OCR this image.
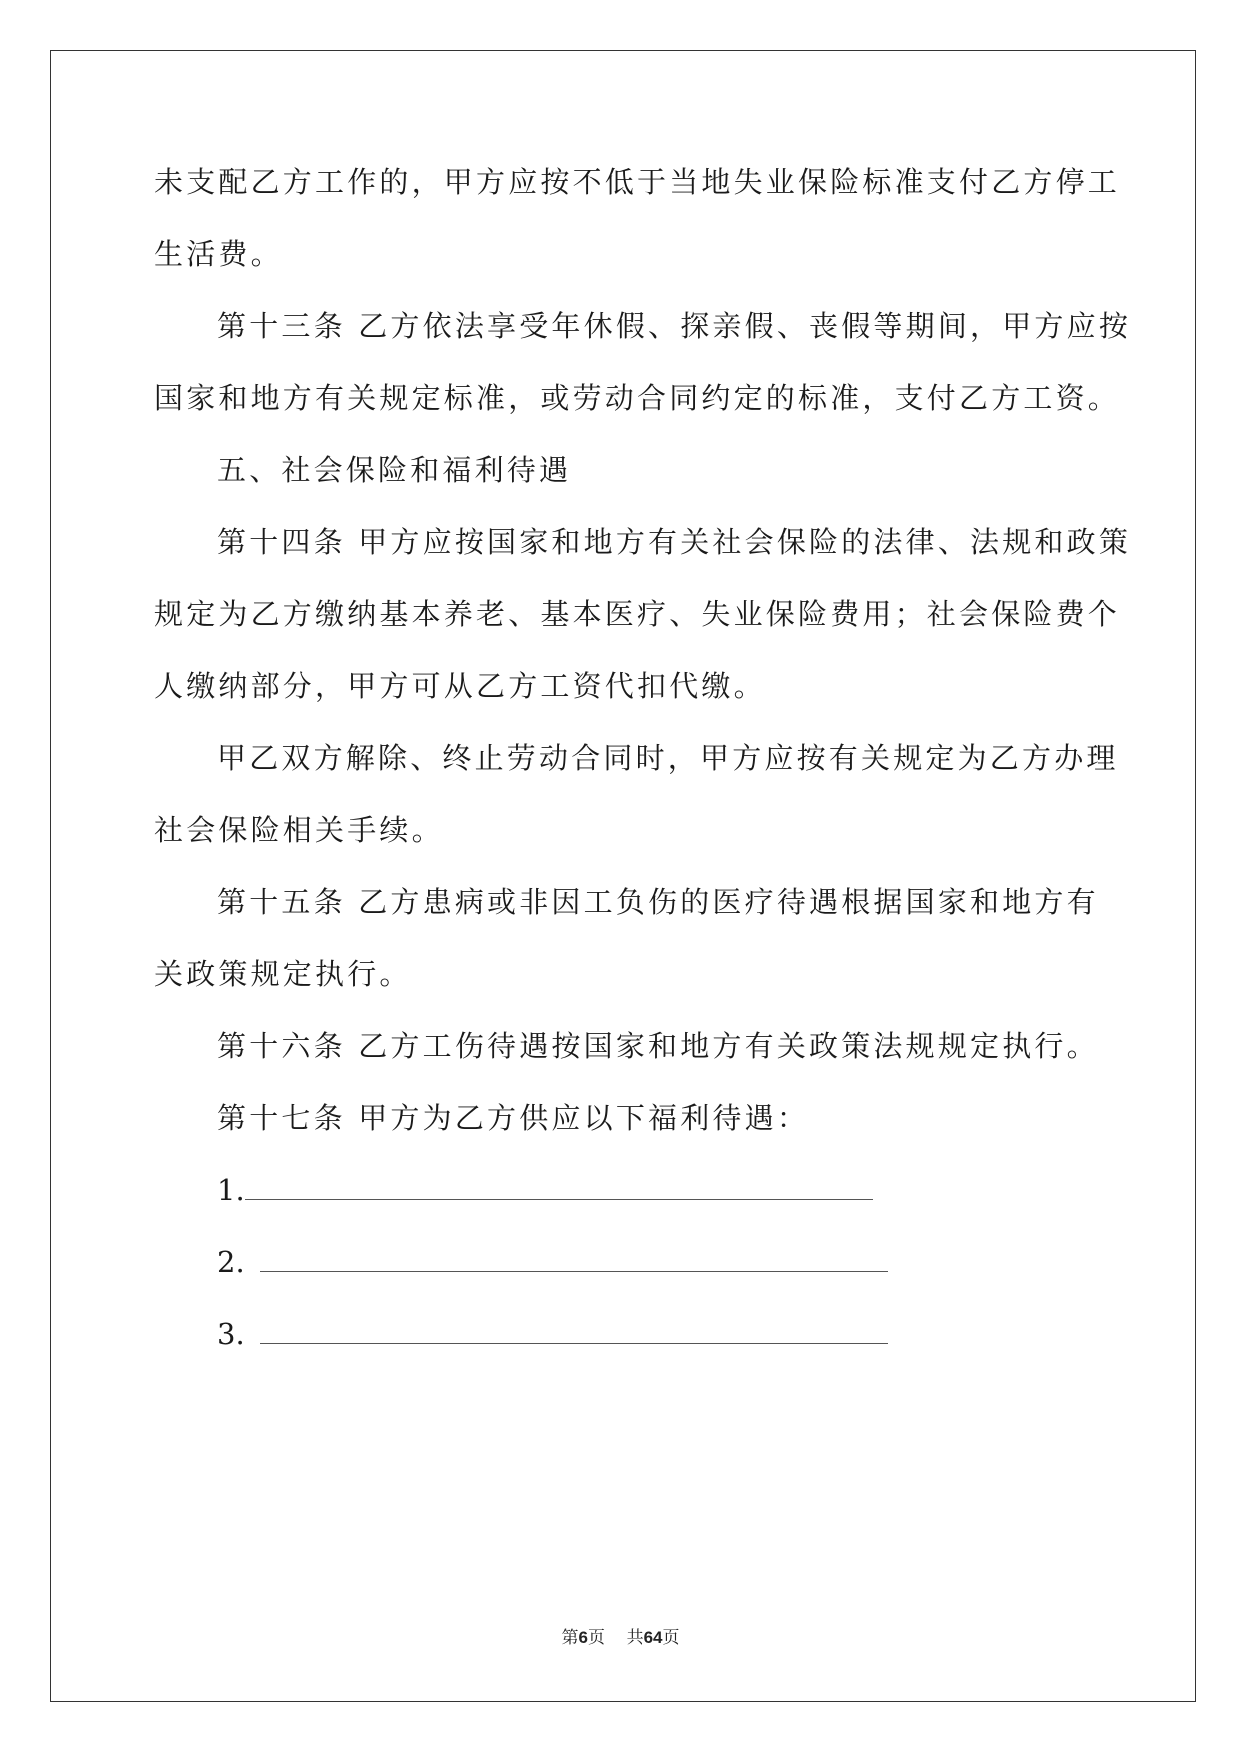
未支配乙方工作的，甲方应按不低于当地失业保险标准支付乙方停工
生活费。
第十三条 乙方依法享受年休假、探亲假、丧假等期间，甲方应按
国家和地方有关规定标准，或劳动合同约定的标准，支付乙方工资。
五、社会保险和福利待遇
第十四条 甲方应按国家和地方有关社会保险的法律、法规和政策
规定为乙方缴纳基本养老、基本医疗、失业保险费用；社会保险费个
人缴纳部分，甲方可从乙方工资代扣代缴。
甲乙双方解除、终止劳动合同时，甲方应按有关规定为乙方办理
社会保险相关手续。
第十五条 乙方患病或非因工负伤的医疗待遇根据国家和地方有
关政策规定执行。
第十六条 乙方工伤待遇按国家和地方有关政策法规规定执行。
第十七条 甲方为乙方供应以下福利待遇：
1.
2.
3.
第6页    共64页
